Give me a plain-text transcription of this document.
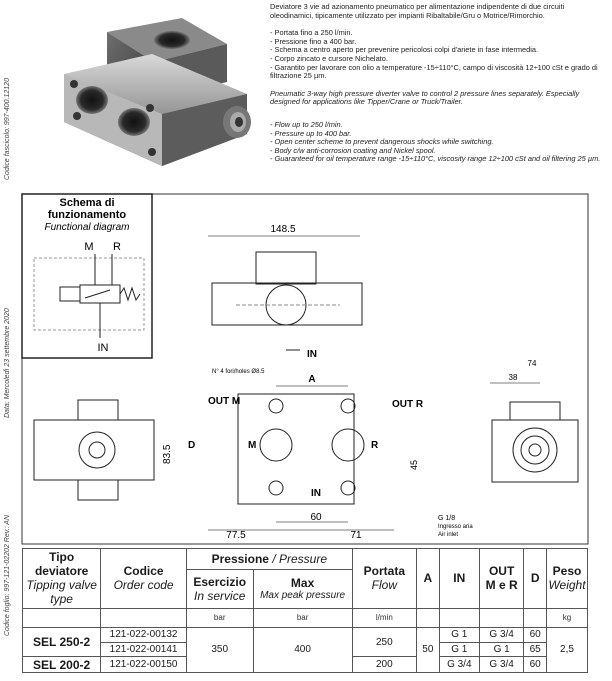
Codice fascicolo: 997-400.12120
Data: Mercoledì 23 settembre 2020
Codice foglio: 997-121-02202 Rev.: AN

Deviatore 3 vie ad azionamento pneumatico per alimentazione indipendente di due circuiti oleodinamici, tipicamente utilizzato per impianti Ribaltabile/Gru o Motrice/Rimorchio.

- Portata fino a 250 l/min.
- Pressione fino a 400 bar.
- Schema a centro aperto per prevenire pericolosi colpi d'ariete in fase intermedia.
- Corpo zincato e cursore Nichelato.
- Garantito per lavorare con olio a temperature -15÷110°C, campo di viscosità 12÷100 cSt e grado di filtrazione 25 µm.

Pneumatic 3-way high pressure diverter valve to control 2 pressure lines separately. Especially designed for applications like Tipper/Crane or Truck/Trailer.

- Flow up to 250 l/min.
- Pressure up to 400 bar.
- Open center scheme to prevent dangerous shocks while switching.
- Body c/w anti-corrosion coating and Nickel spool.
- Guaranteed for oil temperature range -15÷110°C, viscosity range 12÷100 cSt and oil filtering 25 µm.
Schema di
funzionamento
Functional diagram
M R
IN
148.5
IN
N° 4 fori/holes Ø8.5
OUT M	OUT R
A
D	M	R
IN
45
60
77.5	71
83.5
74
38
G 1/8
Ingresso aria
Air inlet
Tipo deviatore
Tipping valve type	Codice
Order code	Pressione / Pressure		Portata
Flow	A	IN	OUT
M e R	D	Peso
Weight

		Esercizio
In service	Max
Max peak pressure						

		bar	bar	l/min					kg
SEL 250-2	121-022-00132	350	400	250	50	G 1	G 3/4	60	2,5
	121-022-00141					G 1	G 1	65	
SEL 200-2	121-022-00150			200		G 3/4	G 3/4	60	
